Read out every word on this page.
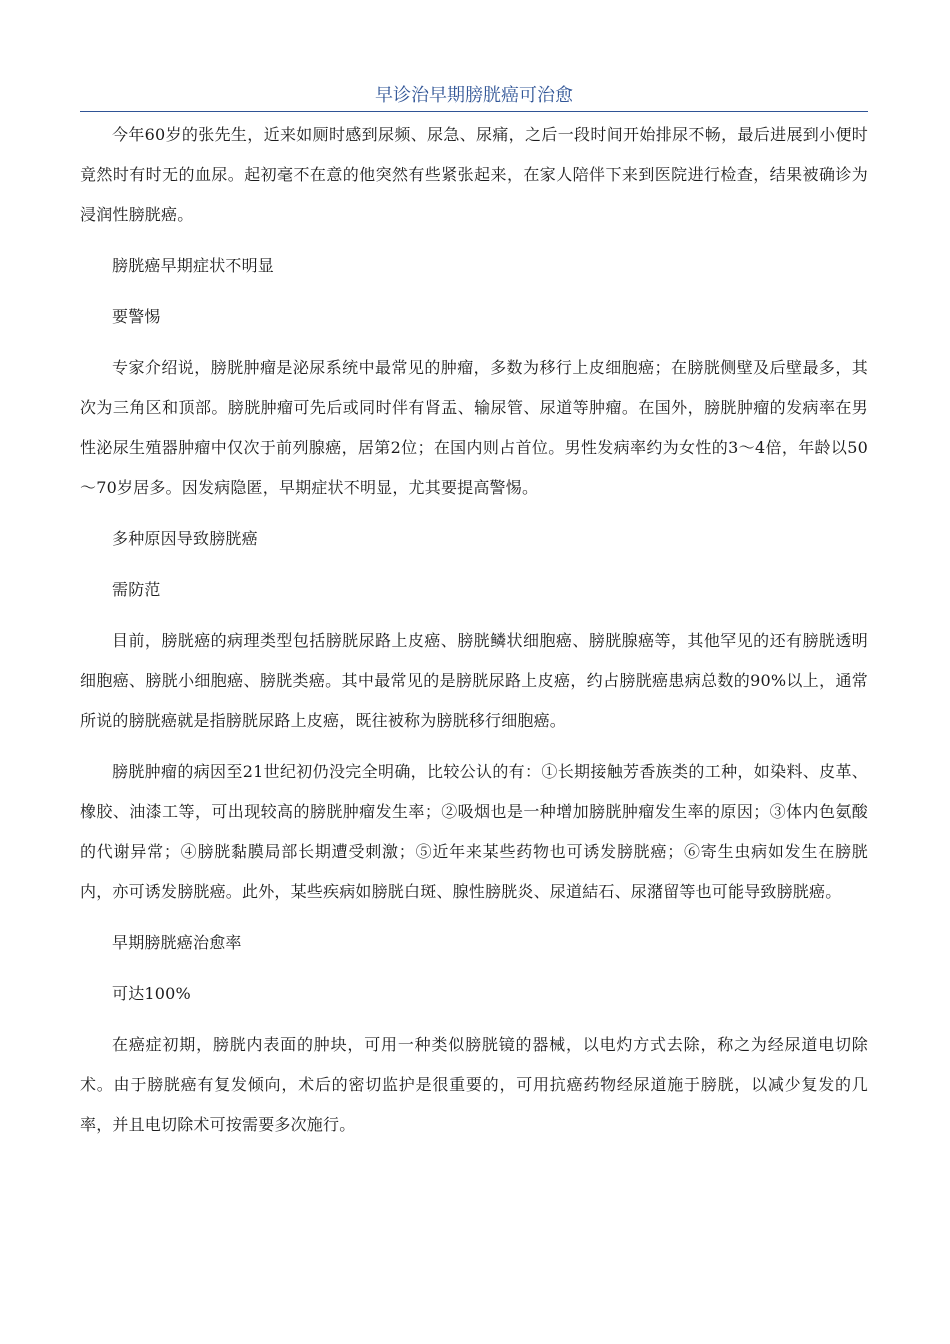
早诊治早期膀胱癌可治愈

今年60岁的张先生，近来如厕时感到尿频、尿急、尿痛，之后一段时间开始排尿不畅，最后进展到小便时竟然时有时无的血尿。起初毫不在意的他突然有些紧张起来，在家人陪伴下来到医院进行检查，结果被确诊为浸润性膀胱癌。

膀胱癌早期症状不明显

要警惕

专家介绍说，膀胱肿瘤是泌尿系统中最常见的肿瘤，多数为移行上皮细胞癌；在膀胱侧壁及后壁最多，其次为三角区和顶部。膀胱肿瘤可先后或同时伴有肾盂、输尿管、尿道等肿瘤。在国外，膀胱肿瘤的发病率在男性泌尿生殖器肿瘤中仅次于前列腺癌，居第2位；在国内则占首位。男性发病率约为女性的3～4倍，年龄以50～70岁居多。因发病隐匿，早期症状不明显，尤其要提高警惕。

多种原因导致膀胱癌

需防范

目前，膀胱癌的病理类型包括膀胱尿路上皮癌、膀胱鳞状细胞癌、膀胱腺癌等，其他罕见的还有膀胱透明细胞癌、膀胱小细胞癌、膀胱类癌。其中最常见的是膀胱尿路上皮癌，约占膀胱癌患病总数的90%以上，通常所说的膀胱癌就是指膀胱尿路上皮癌，既往被称为膀胱移行细胞癌。

膀胱肿瘤的病因至21世纪初仍没完全明确，比较公认的有：①长期接触芳香族类的工种，如染料、皮革、橡胶、油漆工等，可出现较高的膀胱肿瘤发生率；②吸烟也是一种增加膀胱肿瘤发生率的原因；③体内色氨酸的代谢异常；④膀胱黏膜局部长期遭受刺激；⑤近年来某些药物也可诱发膀胱癌；⑥寄生虫病如发生在膀胱内，亦可诱发膀胱癌。此外，某些疾病如膀胱白斑、腺性膀胱炎、尿道結石、尿潴留等也可能导致膀胱癌。

早期膀胱癌治愈率

可达100%

在癌症初期，膀胱内表面的肿块，可用一种类似膀胱镜的器械，以电灼方式去除，称之为经尿道电切除术。由于膀胱癌有复发倾向，术后的密切监护是很重要的，可用抗癌药物经尿道施于膀胱，以减少复发的几率，并且电切除术可按需要多次施行。
